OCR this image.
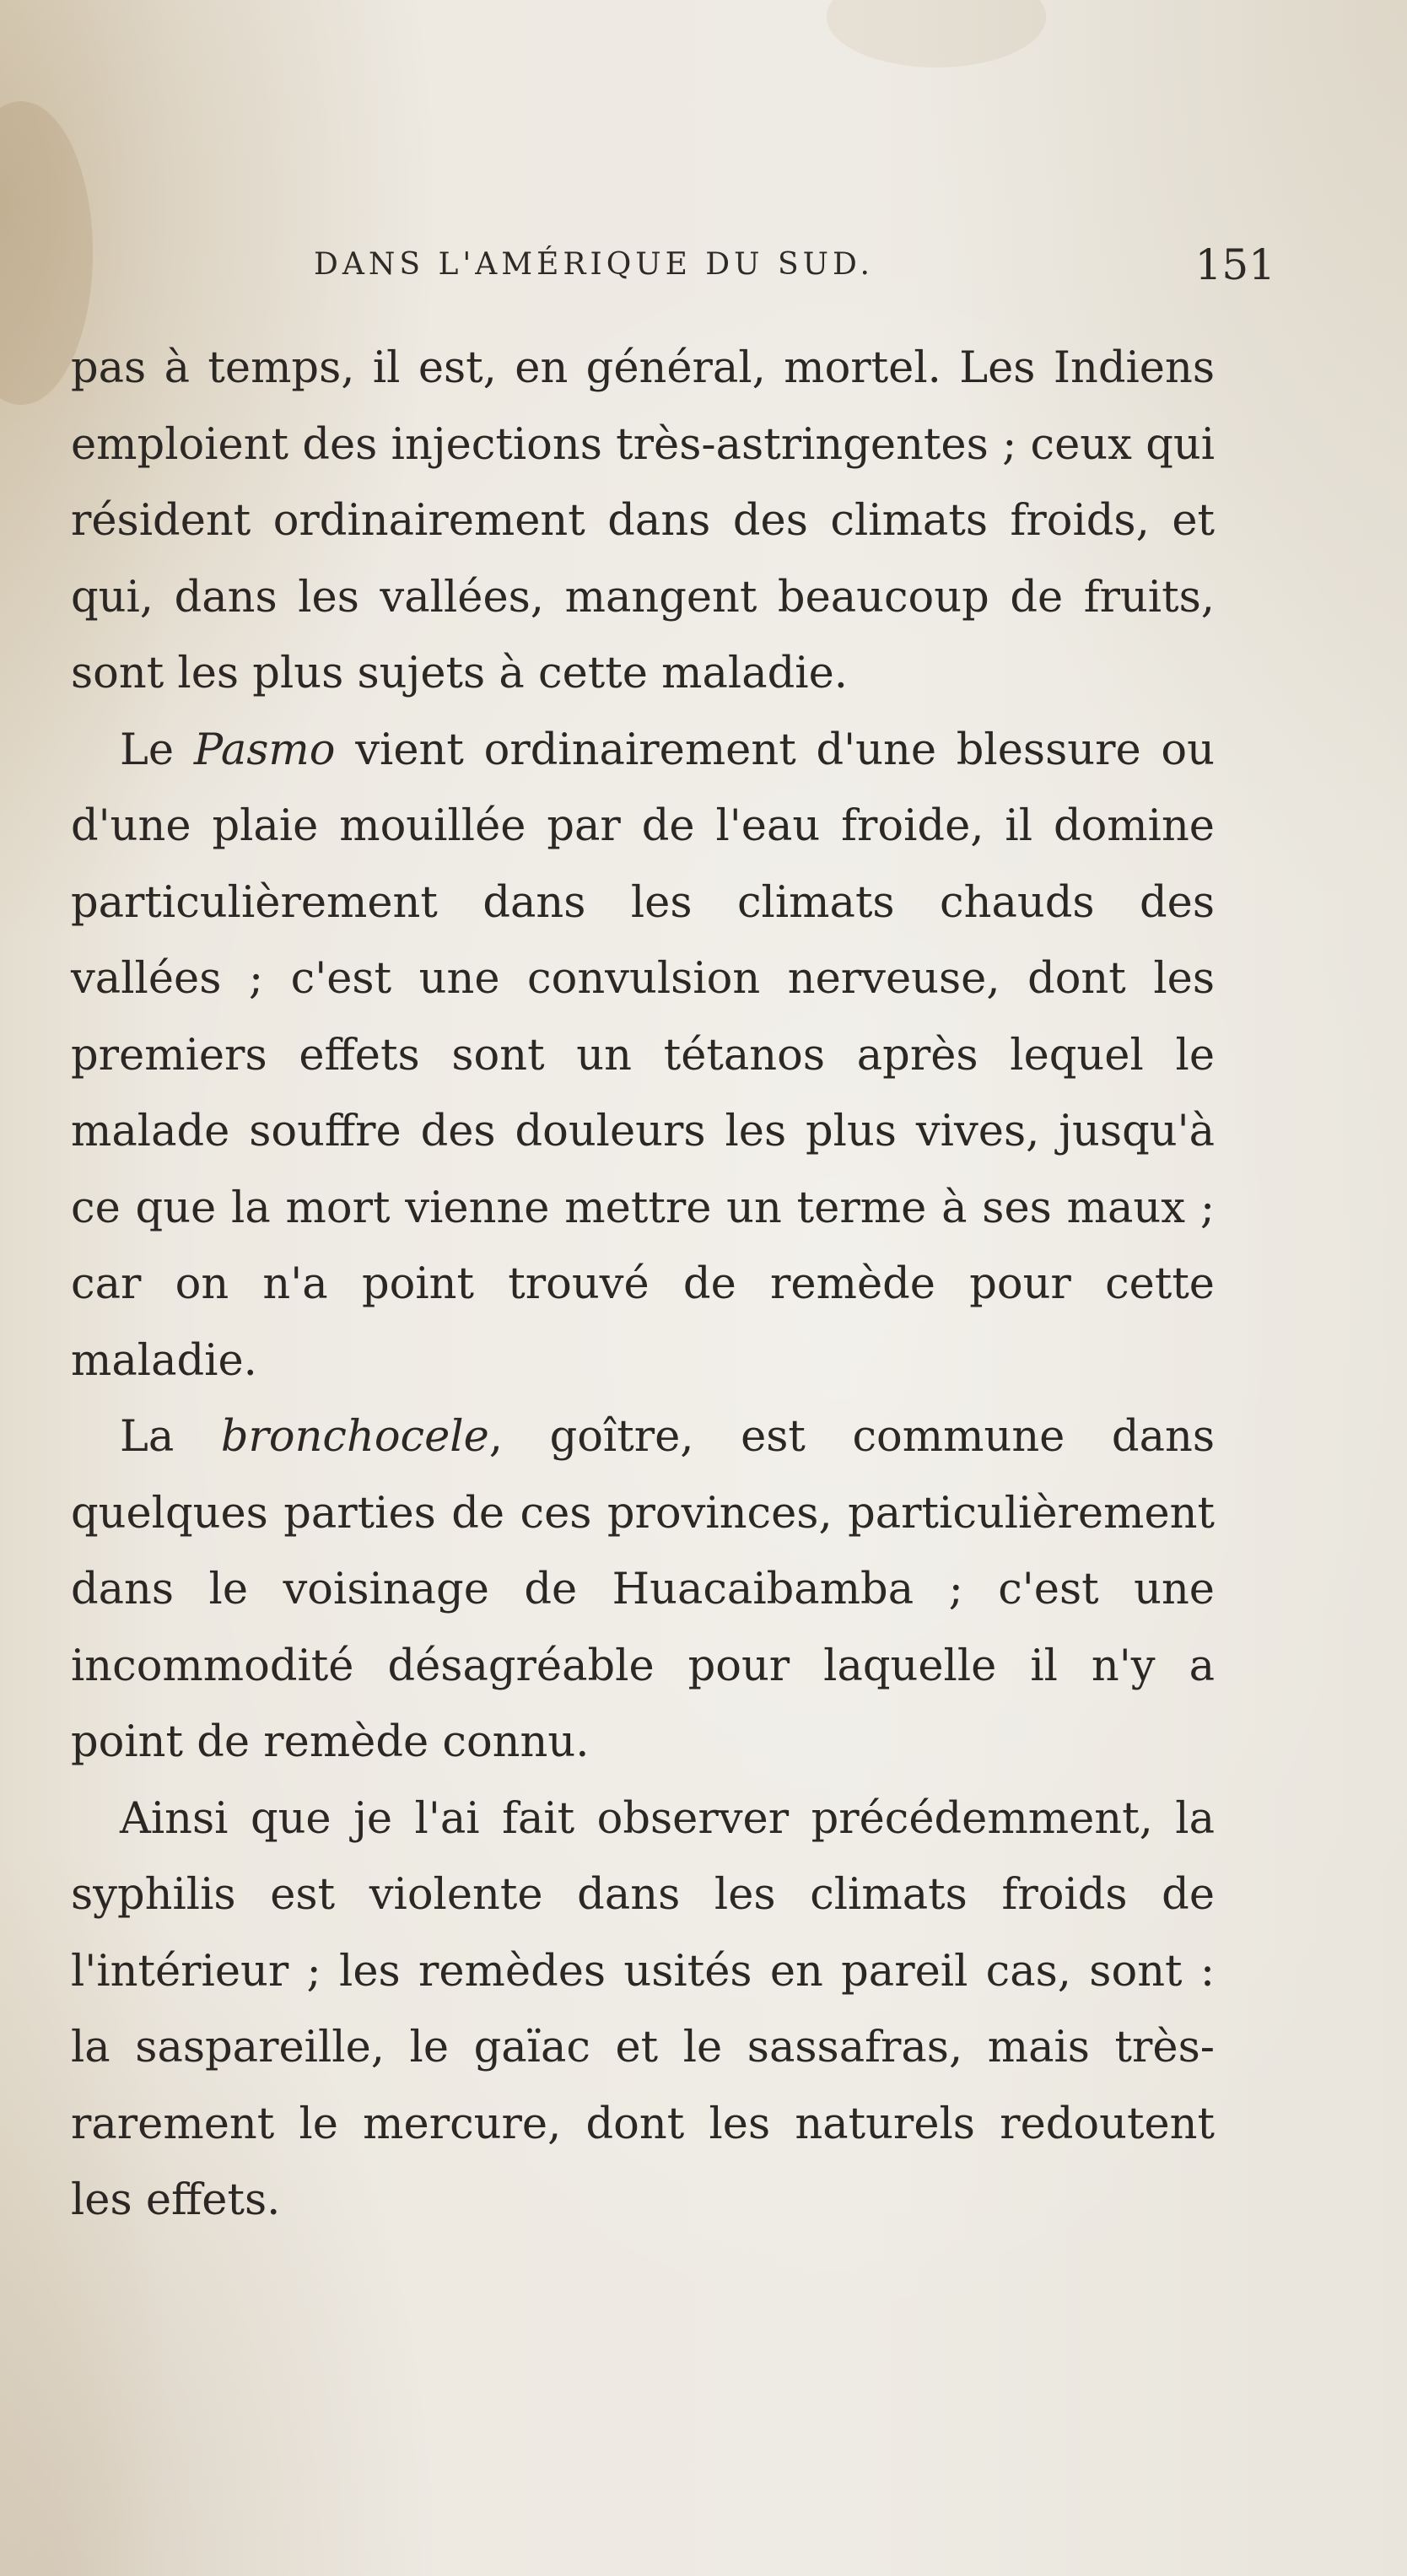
DANS L'AMÉRIQUE DU SUD.	151

pas à temps, il est, en général, mortel. Les Indiens emploient des injections très-astringentes ; ceux qui résident ordinairement dans des climats froids, et qui, dans les vallées, mangent beaucoup de fruits, sont les plus sujets à cette maladie.

Le Pasmo vient ordinairement d'une blessure ou d'une plaie mouillée par de l'eau froide, il domine particulièrement dans les climats chauds des vallées ; c'est une convulsion nerveuse, dont les premiers effets sont un tétanos après lequel le malade souffre des douleurs les plus vives, jusqu'à ce que la mort vienne mettre un terme à ses maux ; car on n'a point trouvé de remède pour cette maladie.

La bronchocele, goître, est commune dans quelques parties de ces provinces, particulièrement dans le voisinage de Huacaibamba ; c'est une incommodité désagréable pour laquelle il n'y a point de remède connu.

Ainsi que je l'ai fait observer précédemment, la syphilis est violente dans les climats froids de l'intérieur ; les remèdes usités en pareil cas, sont : la saspareille, le gaïac et le sassafras, mais très-rarement le mercure, dont les naturels redoutent les effets.
